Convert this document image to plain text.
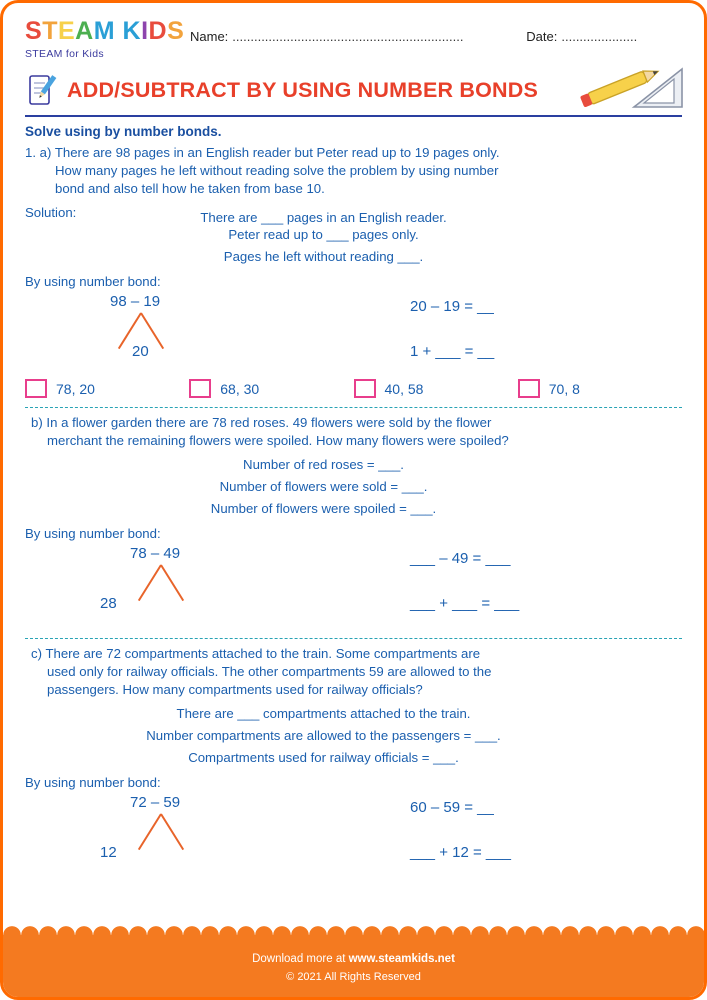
STEAM KIDS
STEAM for Kids
Name: ................................................................	Date: .....................
ADD/SUBTRACT BY USING NUMBER BONDS
Solve using by number bonds.
1. a) There are 98 pages in an English reader but Peter read up to 19 pages only.
How many pages he left without reading solve the problem by using number
bond and also tell how he taken from base 10.
Solution:	There are ___ pages in an English reader.
Peter read up to ___ pages only.
Pages he left without reading ___.
By using number bond:
98 – 19
20
20 – 19 = __
1 + ___ = __
78, 20	68, 30	40, 58	70, 8
b) In a flower garden there are 78 red roses. 49 flowers were sold by the flower
merchant the remaining flowers were spoiled. How many flowers were spoiled?
Number of red roses = ___.
Number of flowers were sold = ___.
Number of flowers were spoiled = ___.
By using number bond:
78 – 49
28
___ – 49 = ___
___ + ___ = ___
c) There are 72 compartments attached to the train. Some compartments are
used only for railway officials. The other compartments 59 are allowed to the
passengers. How many compartments used for railway officials?
There are ___ compartments attached to the train.
Number compartments are allowed to the passengers = ___.
Compartments used for railway officials = ___.
By using number bond:
72 – 59
12
60 – 59 = __
___ + 12 = ___
Download more at www.steamkids.net
© 2021 All Rights Reserved
